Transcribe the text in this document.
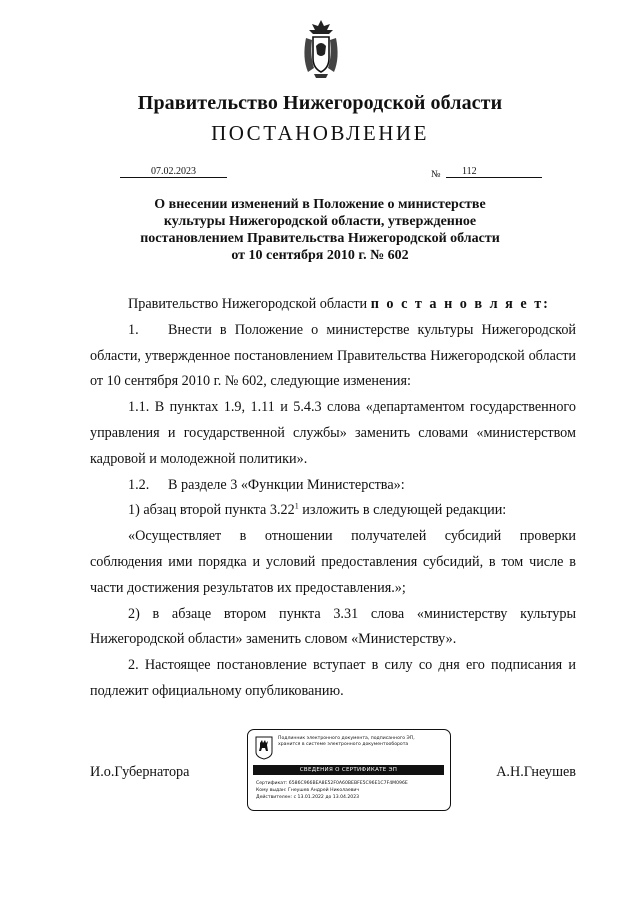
Правительство Нижегородской области
ПОСТАНОВЛЕНИЕ
07.02.2023	№	112
О внесении изменений в Положение о министерстве
культуры Нижегородской области, утвержденное
постановлением Правительства Нижегородской области
от 10 сентября 2010 г. № 602

Правительство Нижегородской области п о с т а н о в л я е т:

1. Внести в Положение о министерстве культуры Нижегородской области, утвержденное постановлением Правительства Нижегородской области от 10 сентября 2010 г. № 602, следующие изменения:

1.1. В пунктах 1.9, 1.11 и 5.4.3 слова «департаментом государственного управления и государственной службы» заменить словами «министерством кадровой и молодежной политики».

1.2. В разделе 3 «Функции Министерства»:

1) абзац второй пункта 3.22$^1$ изложить в следующей редакции:

«Осуществляет в отношении получателей субсидий проверки соблюдения ими порядка и условий предоставления субсидий, в том числе в части достижения результатов их предоставления.»;

2) в абзаце втором пункта 3.31 слова «министерству культуры Нижегородской области» заменить словом «Министерству».

2. Настоящее постановление вступает в силу со дня его подписания и подлежит официальному опубликованию.

И.о.Губернатора	А.Н.Гнеушев
Подлинник электронного документа, подписанного ЭП,
хранится в системе электронного документооборота
СВЕДЕНИЯ О СЕРТИФИКАТЕ ЭП
Сертификат: 6586C966BEA8E52F0A60BEBFE5C96E1C7F4M096E
Кому выдан: Гнеушев Андрей Николаевич
Действителен: с 13.01.2022 до 13.04.2023
